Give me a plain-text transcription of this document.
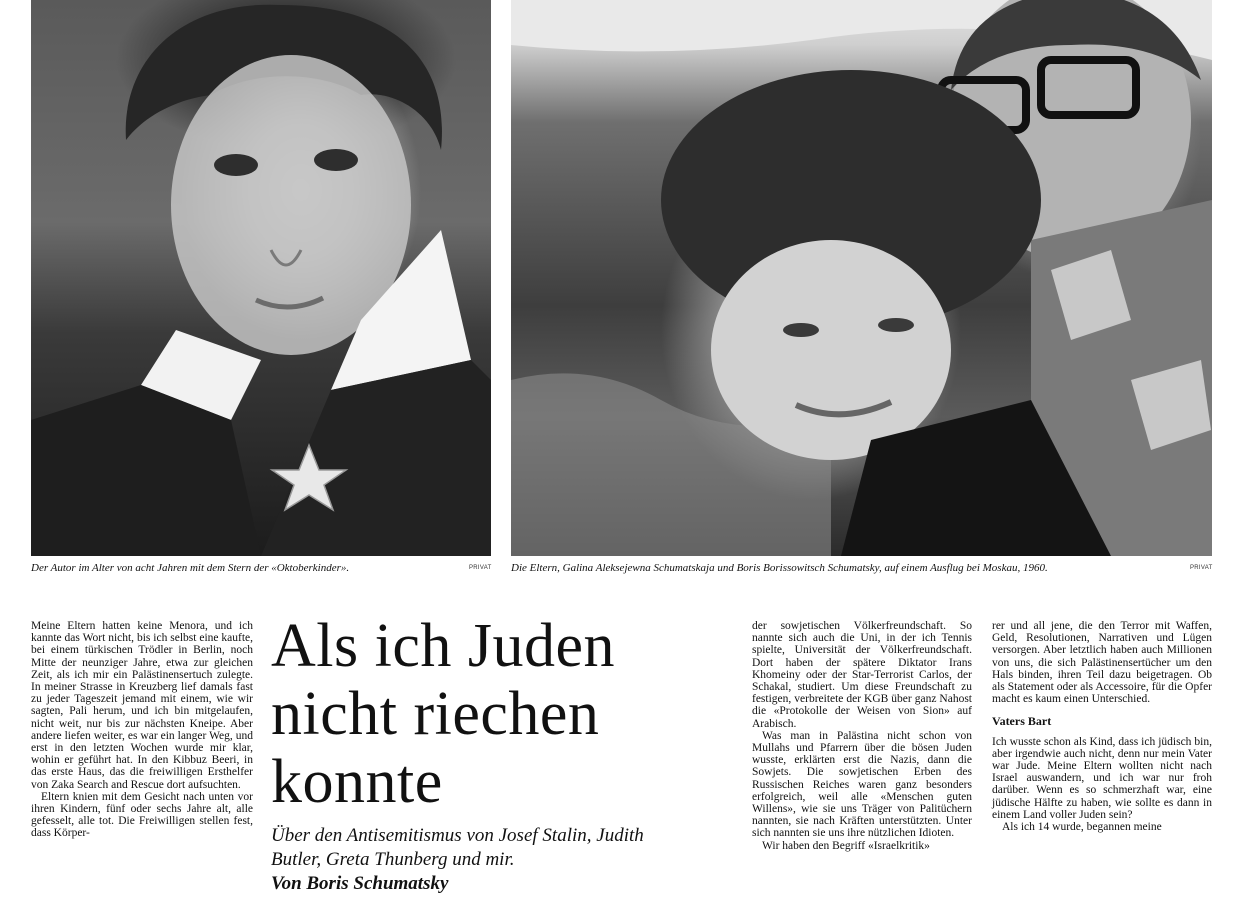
Der Autor im Alter von acht Jahren mit dem Stern der «Oktoberkinder».	PRIVAT Die Eltern, Galina Aleksejewna Schumatskaja und Boris Borissowitsch Schumatsky, auf einem Ausflug bei Moskau, 1960.	PRIVAT

Meine Eltern hatten keine Menora, und ich kannte das Wort nicht, bis ich selbst eine kaufte, bei einem türkischen Trödler in Berlin, noch Mitte der neunziger Jahre, etwa zur gleichen Zeit, als ich mir ein Palästinensertuch zulegte. In meiner Strasse in Kreuzberg lief damals fast zu jeder Tageszeit jemand mit einem, wie wir sagten, Pali herum, und ich bin mitgelaufen, nicht weit, nur bis zur nächsten Kneipe. Aber andere liefen weiter, es war ein langer Weg, und erst in den letzten Wochen wurde mir klar, wohin er geführt hat. In den Kibbuz Beeri, in das erste Haus, das die freiwilligen Ersthelfer von Zaka Search and Rescue dort aufsuchten.

Eltern knien mit dem Gesicht nach unten vor ihren Kindern, fünf oder sechs Jahre alt, alle gefesselt, alle tot. Die Freiwilligen stellen fest, dass Körper-

Als ich Juden nicht riechen konnte

Über den Antisemitismus von Josef Stalin, Judith Butler, Greta Thunberg und mir.

Von Boris Schumatsky

der sowjetischen Völkerfreundschaft. So nannte sich auch die Uni, in der ich Tennis spielte, Universität der Völkerfreundschaft. Dort haben der spätere Diktator Irans Khomeiny oder der Star-Terrorist Carlos, der Schakal, studiert. Um diese Freundschaft zu festigen, verbreitete der KGB über ganz Nahost die «Protokolle der Weisen von Sion» auf Arabisch.

Was man in Palästina nicht schon von Mullahs und Pfarrern über die bösen Juden wusste, erklärten erst die Nazis, dann die Sowjets. Die sowjetischen Erben des Russischen Reiches waren ganz besonders erfolgreich, weil alle «Menschen guten Willens», wie sie uns Träger von Palitüchern nannten, sie nach Kräften unterstützten. Unter sich nannten sie uns ihre nützlichen Idioten.

Wir haben den Begriff «Israelkritik»

rer und all jene, die den Terror mit Waffen, Geld, Resolutionen, Narrativen und Lügen versorgen. Aber letztlich haben auch Millionen von uns, die sich Palästinensertücher um den Hals binden, ihren Teil dazu beigetragen. Ob als Statement oder als Accessoire, für die Opfer macht es kaum einen Unterschied.

Vaters Bart

Ich wusste schon als Kind, dass ich jüdisch bin, aber irgendwie auch nicht, denn nur mein Vater war Jude. Meine Eltern wollten nicht nach Israel auswandern, und ich war nur froh darüber. Wenn es so schmerzhaft war, eine jüdische Hälfte zu haben, wie sollte es dann in einem Land voller Juden sein?

Als ich 14 wurde, begannen meine
